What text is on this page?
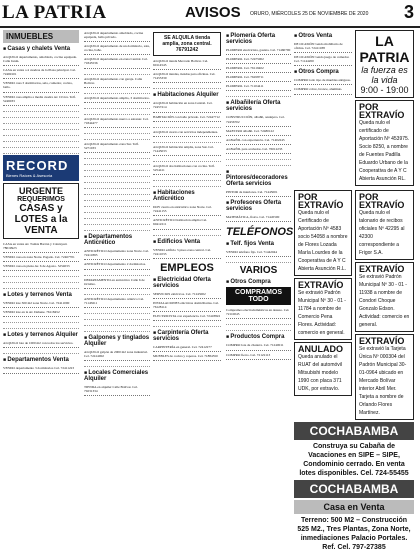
LA PATRIA	AVISOS ORURO, MIÉRCOLES 25 DE NOVIEMBRE DE 2020 3
INMUEBLES
■ Casas y chalets Venta
ALQUILO departamento, amoblado, cocina equipada. Calle Junín.
CASA en venta a 4 cuadras de la Plaza principal. Cel. 72469101
VENDO casa 3 dormitorios, sala, comedor, cocina, baño.
VENDO casa amplia a media cuadra Av. Cívica. Telf. 5246033
RECORD
Bienes Raíces & Asesoría
URGENTE
REQUERIMOS
CASAS y LOTES a la VENTA
CASA en venta Av. Tomás Barrón y Calatayud. 78019923
VENDO casa en zona Norte. Pagado. Cel. 72467701
VENDO casa en plena Av. 6 de Agosto. 5254033
■ Lotes y terrenos Venta
VENDO lote 300 m2 zona Norte. Cel. 72411090
VENDO lote en la Av. Dehene. 76118452
■ Lotes y terrenos Alquiler
ALQUILO lote de 1000 m2 con todos los servicios.
■ Departamentos Venta
VENDO departamento 3 dormitorios Cel. 72411223
ALQUILO departamento amoblado, cocina equipada, baño privado.
ALQUILO departamento de un dormitorio, sala, cocina, baño.
ALQUILO departamento en zona Central. Cel. 71845536
ALQUILO departamento con garaje. Calle Bolívar.
ALQUILO departamento amplio, 3 dormitorios.
ALQUILO departamento nuevo a estrenar. Cel. 71844477
ALQUILO departamento zona Sur. Telf. 5271033
■ Departamentos Anticrético
ANTICRÉTICO departamento zona Norte. Cel. 72411893
ANTICRÉTICO departamento 2 dormitorios.
DEPARTAMENTO en anticrético Calle 6 de Octubre.
ANTICRÉTICO departamento céntrico Cel. 71145611
■ Galpones y tinglados Alquiler
ALQUILO galpón de 2000 m2 zona industrial. Cel. 72414002
■ Locales Comerciales Alquiler
TIENDA en alquiler Calle Bolívar. Cel. 70231334
SE ALQUILA tienda amplia, zona central. 76791242
ALQUILO tienda Mercado Bolívar. Cel. 60114545
ALQUILO tiendas, tiendas para oficinas. Cel. 71455330
■ Habitaciones Alquiler
ALQUILO habitación en zona Central. Cel. 72457214
HABITACIÓN con baño privado. Cel. 72447712
ALQUILO cuarto con servicios independientes.
ALQUILO habitación amplia, zona Sur. Cel. 71445033
ALQUILO dos habitaciones con cocina. Telf. 5254411
■ Habitaciones Anticrético
DOY cuarto en anticrético zona Norte. Cel. 72441155
ANTICRÉTICO habitación amplia Cel. 60412211
■ Edificios Venta
VENDO edificio 3 pisos zona central. Cel. 72411033
EMPLEOS
■ Electricidad Oferta servicios
SERVICIOS eléctricos. Cel. 71245002
INSTALACIONES eléctricas domiciliarias. Cel. 76128114
ELECTRICISTA con experiencia. Cel. 72418822
■ Carpintería Oferta servicios
CARPINTERÍA en general. Cel. 72412277
MUEBLES de cocina y roperos. Cel. 71884550
■ Plomería Oferta servicios
PLOMERO electricista, gasista. Cel. 71460790
PLOMERO. Cel. 72475002
PLOMERO. Cel. 76119402
PLOMERO. Cel. 76458711
PLOMERO. Cel. 71104411
■ Albañilería Oferta servicios
CONSTRUCCIÓN, albañil, azulejero. Cel. 72456702
MAESTRO albañil. Cel. 72480122
ALBAÑIL con experiencia. Cel. 71402245
ALBAÑIL para acabados. Cel. 76012233
■ Pintores/decoradores Oferta servicios
PINTOR de interiores. Cel. 71445001
■ Profesores Oferta servicios
MATEMÁTICA, física. Cel. 71445500
TELÉFONOS
■ Telf. fijos Venta
VENDO teléfono fijo. Cel. 71442044
VARIOS
■ Otros Compra
COMPRAMOS TODO
Compramos electrodomésticos en desuso. Cel. 72110045
■ Productos Compra
COMPRO lote de chatarra. Cel. 71240011
COMPRO fierro. Cel. 72122113
■ Otros Venta
DE OCASIÓN vendo mobiliario de oficina. Cel. 72411188
DE OCASIÓN vendo juego de comedor. Cel. 71144200
■ Otros Compra
COMPRO todo tipo de muebles antiguos.
COMPRO cobre, bronce, aluminio.
LA PATRIA
la fuerza es la vida
9:00 - 19:00
POR EXTRAVÍO
Queda nulo el certificado de Aportación Nº 453975. Socio 8250, a nombre de Fuentes Padilla Eduardo Urbano de la Cooperativa de A Y C Abierta Asunción RL.
POR EXTRAVÍO
Queda nulo el Certificado de Aportación Nº 4583 socio 54058 a nombre de Flores Lozada María Lourdes de la Cooperativa de A Y C Abierta Asunción R.L.
EXTRAVÍO
Se extravió Padrón Municipal Nº 30 - 01 - 11784 a nombre de Comercio Pena Flores. Actividad: comercio en general.
ANULADO
Queda anulado el RUAT del automóvil Mitsubishi modelo 1990 con placa 371 UDK, por extravío.
POR EXTRAVÍO
Queda nulo el talonario de recibos oficiales Nº 42295 al 42300 correspondiente a Frigor S.A.
EXTRAVÍO
Se extravió Padrón Municipal Nº 30 - 01 - 11938 a nombre de Condori Choque Gonzalo Edson. Actividad: comercio en general.
EXTRAVÍO
Se extravió la Tarjeta Única Nº 000304 del Padrón Municipal 30-01-0964 ubicado en Mercado Bolívar interior Abril Mer. Tarjeta a nombre de Orlando Flores Martínez.
COCHABAMBA
Construya su Cabaña de Vacaciones en SIPE – SIPE, Condominio cerrado. En venta lotes disponibles. Cel. 724-55455
COCHABAMBA
Casa en Venta
Terreno: 500 M2 – Construcción 525 M2., Tres Plantas, Zona Norte, inmediaciones Palacio Portales. Ref. Cel. 797-27385
